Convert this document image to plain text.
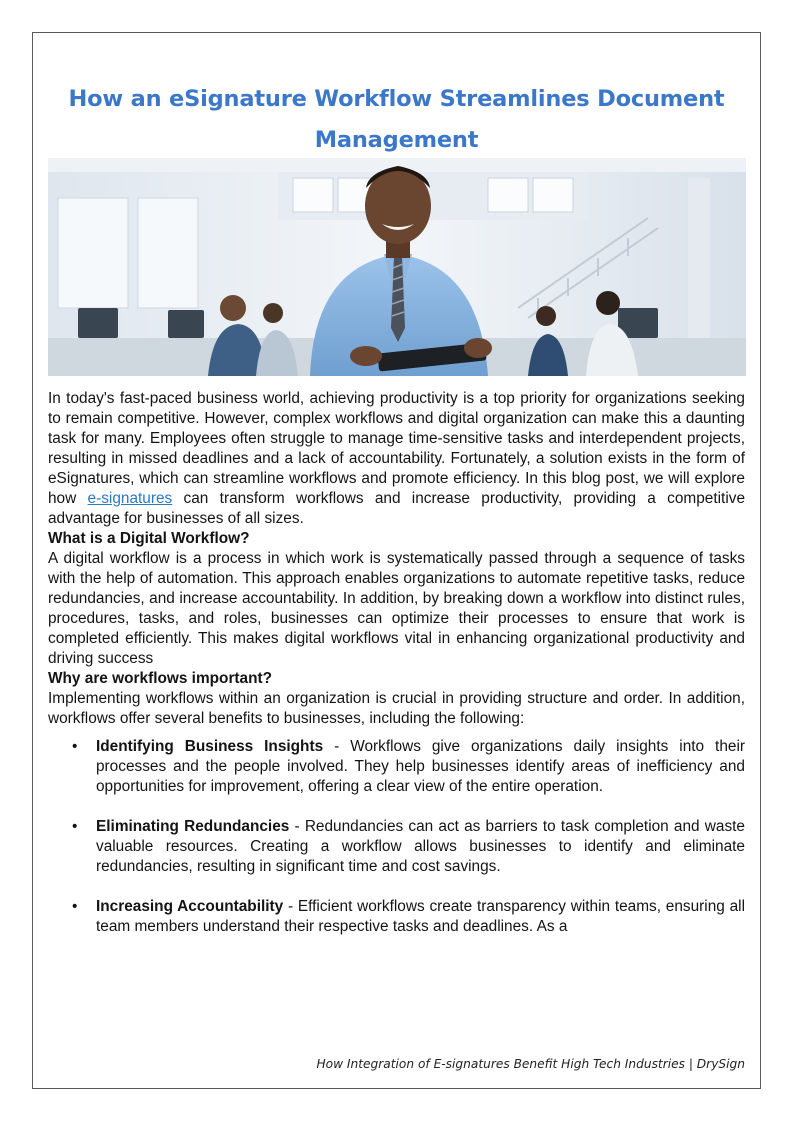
How an eSignature Workflow Streamlines Document Management

In today's fast-paced business world, achieving productivity is a top priority for organizations seeking to remain competitive. However, complex workflows and digital organization can make this a daunting task for many. Employees often struggle to manage time-sensitive tasks and interdependent projects, resulting in missed deadlines and a lack of accountability. Fortunately, a solution exists in the form of eSignatures, which can streamline workflows and promote efficiency. In this blog post, we will explore how e-signatures can transform workflows and increase productivity, providing a competitive advantage for businesses of all sizes.

What is a Digital Workflow?

A digital workflow is a process in which work is systematically passed through a sequence of tasks with the help of automation. This approach enables organizations to automate repetitive tasks, reduce redundancies, and increase accountability. In addition, by breaking down a workflow into distinct rules, procedures, tasks, and roles, businesses can optimize their processes to ensure that work is completed efficiently. This makes digital workflows vital in enhancing organizational productivity and driving success

Why are workflows important?

Implementing workflows within an organization is crucial in providing structure and order. In addition, workflows offer several benefits to businesses, including the following:

• Identifying Business Insights - Workflows give organizations daily insights into their processes and the people involved. They help businesses identify areas of inefficiency and opportunities for improvement, offering a clear view of the entire operation.
• Eliminating Redundancies - Redundancies can act as barriers to task completion and waste valuable resources. Creating a workflow allows businesses to identify and eliminate redundancies, resulting in significant time and cost savings.
• Increasing Accountability - Efficient workflows create transparency within teams, ensuring all team members understand their respective tasks and deadlines. As a
How Integration of E-signatures Benefit High Tech Industries | DrySign
